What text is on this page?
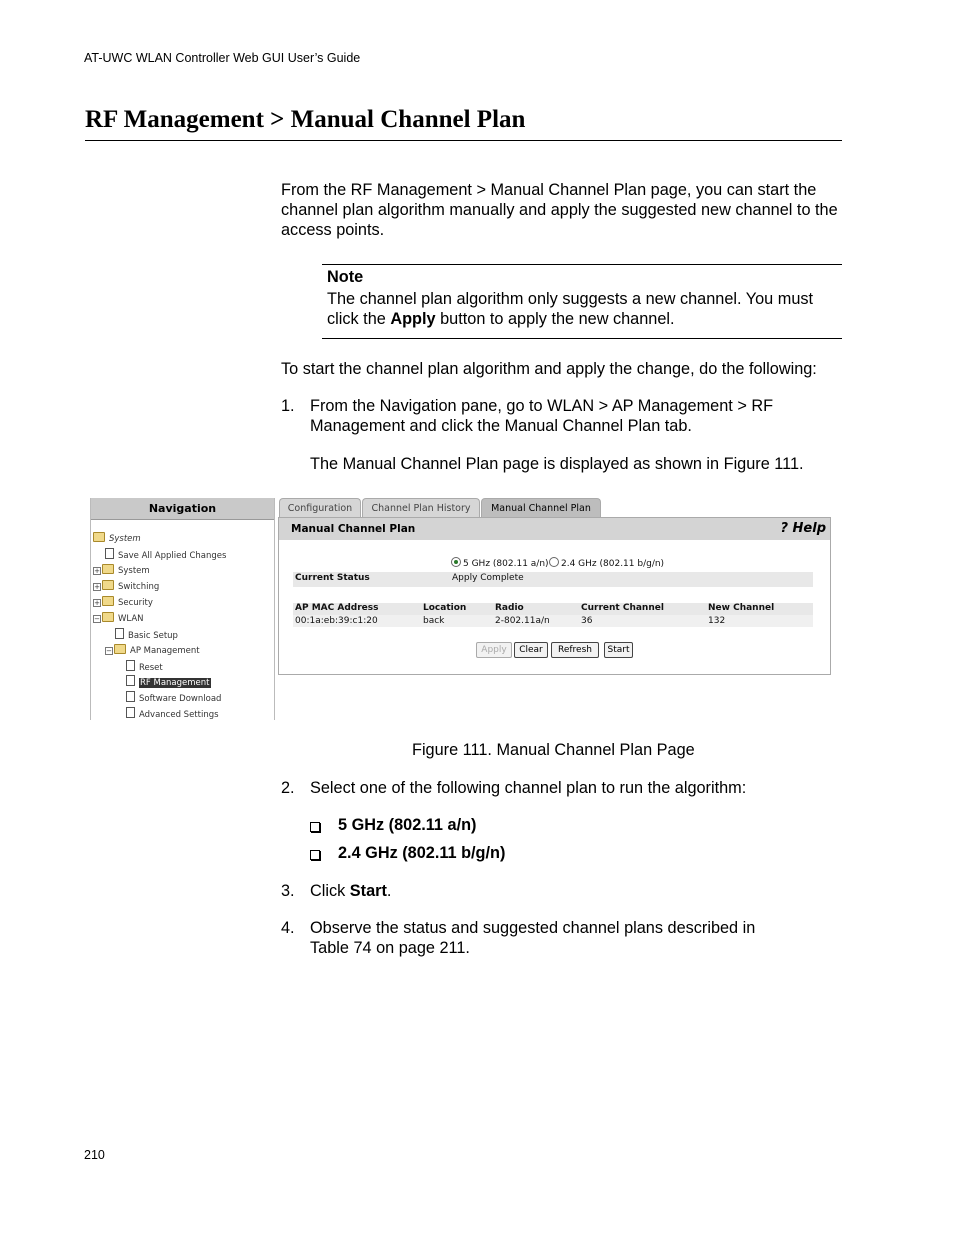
AT-UWC WLAN Controller Web GUI User’s Guide
RF Management > Manual Channel Plan
From the RF Management > Manual Channel Plan page, you can start the channel plan algorithm manually and apply the suggested new channel to the access points.
Note
The channel plan algorithm only suggests a new channel. You must click the Apply button to apply the new channel.
To start the channel plan algorithm and apply the change, do the following:
1. From the Navigation pane, go to WLAN > AP Management > RF Management and click the Manual Channel Plan tab.
The Manual Channel Plan page is displayed as shown in Figure 111.
Navigation
System
Save All Applied Changes
+ System
+ Switching
+ Security
− WLAN
Basic Setup
− AP Management
Reset
RF Management
Software Download
Advanced Settings
Configuration	Channel Plan History	Manual Channel Plan
Manual Channel Plan	? Help
5 GHz (802.11 a/n)	2.4 GHz (802.11 b/g/n)
Current Status	Apply Complete
AP MAC Address	Location	Radio	Current Channel	New Channel
00:1a:eb:39:c1:20	back	2-802.11a/n	36	132
Apply	Clear	Refresh	Start
Figure 111. Manual Channel Plan Page
2. Select one of the following channel plan to run the algorithm:
5 GHz (802.11 a/n)
2.4 GHz (802.11 b/g/n)
3. Click Start.
4. Observe the status and suggested channel plans described in Table 74 on page 211.
210
